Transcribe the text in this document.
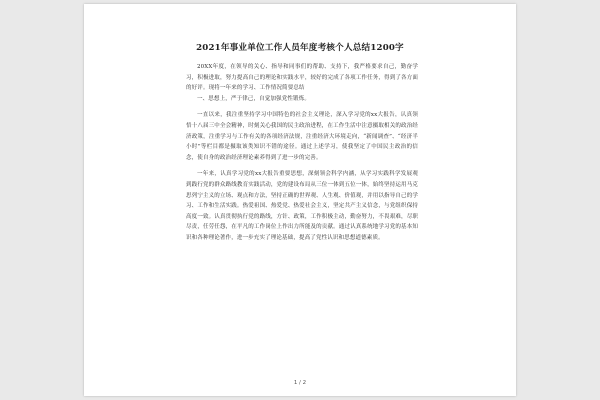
2021年事业单位工作人员年度考核个人总结1200字

20XX年度，在领导的关心、指导和同事们的帮助、支持下，我严格要求自己，勤奋学习，积极进取，努力提高自己的理论和实践水平，较好的完成了各项工作任务，得到了各方面的好评。现将一年来的学习、工作情况简要总结

一、思想上，严于律己，自觉加强党性锻炼。

一直以来，我注重坚持学习中国特色的社会主义理论，深入学习党的xx大报告，认真领悟十八届三中全会精神，时刻关心我国的民主政治进程，在工作生活中注意摄取相关的政治经济政策，注重学习与工作有关的各项经济法规，注重经济大环境走向，“新闻调查”、“经济半小时”等栏目都是摄取该类知识不错的途径。通过上述学习，使我坚定了中国民主政治的信念，使自身的政治经济理论素养得到了进一步的完善。

一年来，认真学习党的xx大报告重要思想，深刻领会科学内涵，从学习实践科学发展观到践行党的群众路线教育实践活动，党的建设布局从三位一体到五位一体，始终坚持运用马克思列宁主义的立场、观点和方法，坚持正确的世界观、人生观、价值观，并用以指导自己的学习、工作和生活实践。热爱祖国、热爱党、热爱社会主义，坚定共产主义信念，与党组织保持高度一致。认真贯彻执行党的路线，方针、政策，工作积极主动，勤奋努力，不畏艰难，尽职尽责，任劳任怨，在平凡的工作岗位上作出力所能及的贡献。通过认真系统地学习党的基本知识和各种理论著作，进一步充实了理论基础，提高了党性认识和思想道德素质。

1 / 2
